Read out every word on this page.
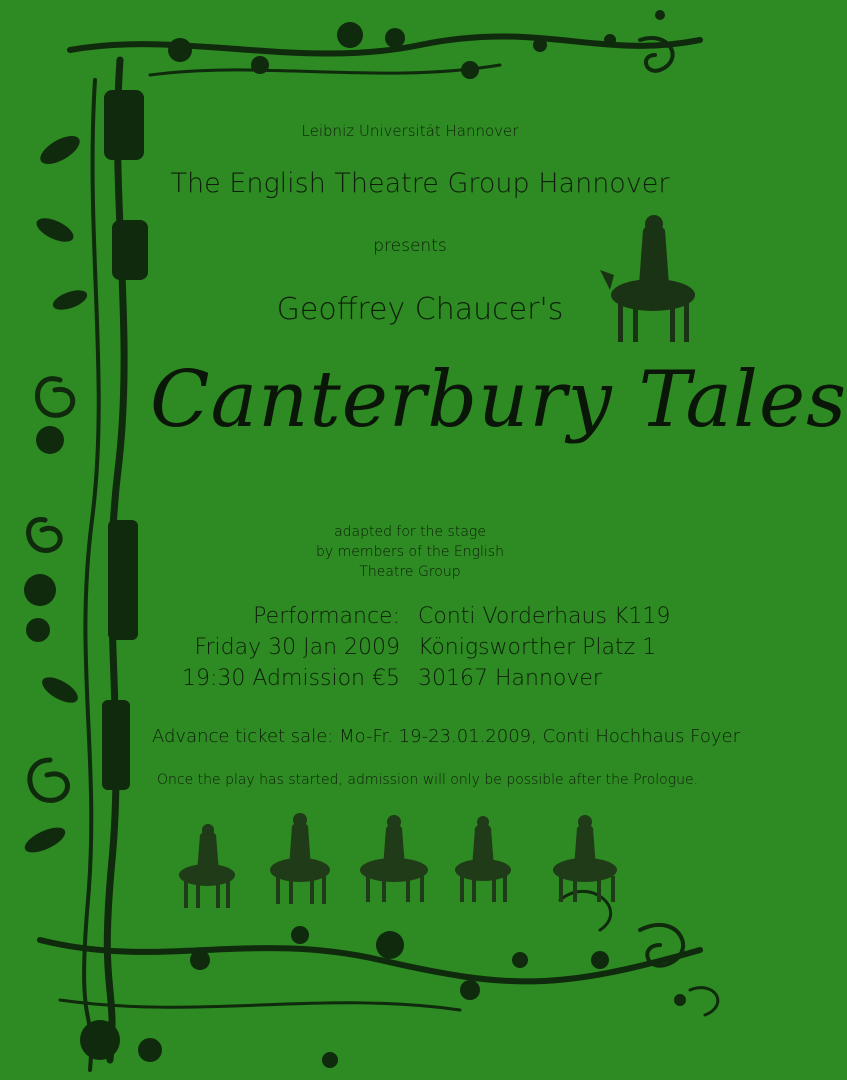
Leibniz Universität Hannover
The English Theatre Group Hannover
presents
Geoffrey Chaucer's
Canterbury Tales
adapted for the stage
by members of the English
Theatre Group
Performance: Conti Vorderhaus K119
Friday 30 Jan 2009 Königsworther Platz 1
19:30 Admission €5 30167 Hannover
Advance ticket sale: Mo-Fr. 19-23.01.2009, Conti Hochhaus Foyer
Once the play has started, admission will only be possible after the Prologue.
